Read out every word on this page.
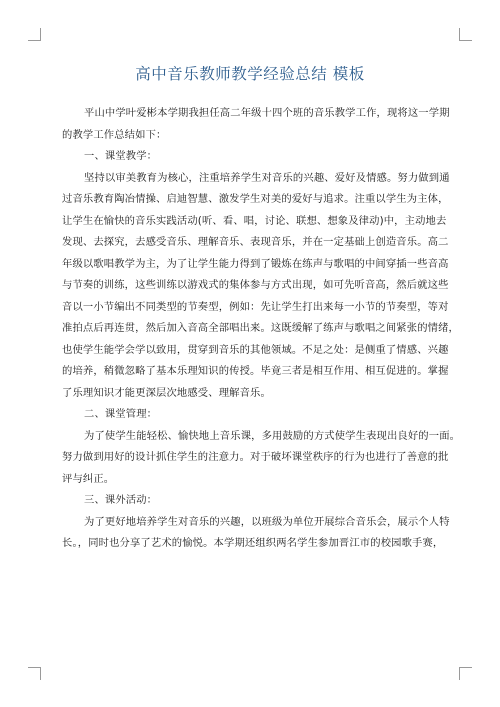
高中音乐教师教学经验总结 模板

平山中学叶爱彬本学期我担任高二年级十四个班的音乐教学工作，现将这一学期
的教学工作总结如下：

一、课堂教学：

坚持以审美教育为核心，注重培养学生对音乐的兴趣、爱好及情感。努力做到通
过音乐教育陶冶情操、启迪智慧、激发学生对美的爱好与追求。注重以学生为主体，
让学生在愉快的音乐实践活动(听、看、唱，讨论、联想、想象及律动)中，主动地去
发现、去探究，去感受音乐、理解音乐、表现音乐，并在一定基础上创造音乐。高二
年级以歌唱教学为主，为了让学生能力得到了锻炼在练声与歌唱的中间穿插一些音高
与节奏的训练，这些训练以游戏式的集体参与方式出现，如可先听音高，然后就这些
音以一小节编出不同类型的节奏型，例如：先让学生打出来每一小节的节奏型，等对
准拍点后再连贯，然后加入音高全部唱出来。这既缓解了练声与歌唱之间紧张的情绪，
也使学生能学会学以致用，贯穿到音乐的其他领域。不足之处：是侧重了情感、兴趣
的培养，稍微忽略了基本乐理知识的传授。毕竟三者是相互作用、相互促进的。掌握
了乐理知识才能更深层次地感受、理解音乐。

二、课堂管理：

为了使学生能轻松、愉快地上音乐课，多用鼓励的方式使学生表现出良好的一面。
努力做到用好的设计抓住学生的注意力。对于破坏课堂秩序的行为也进行了善意的批
评与纠正。

三、课外活动：

为了更好地培养学生对音乐的兴趣，以班级为单位开展综合音乐会，展示个人特
长。，同时也分享了艺术的愉悦。本学期还组织两名学生参加晋江市的校园歌手赛，
